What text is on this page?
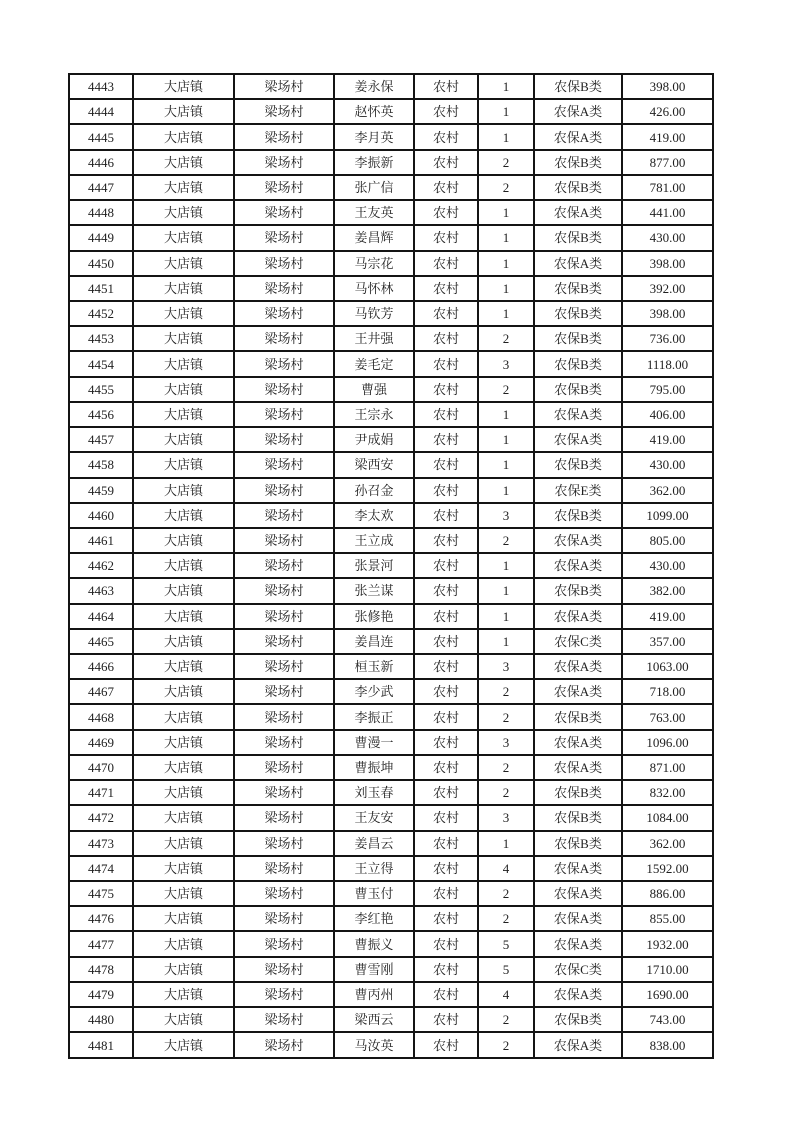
4443	大店镇	梁场村	姜永保	农村	1	农保B类	398.00
4444	大店镇	梁场村	赵怀英	农村	1	农保A类	426.00
4445	大店镇	梁场村	李月英	农村	1	农保A类	419.00
4446	大店镇	梁场村	李振新	农村	2	农保B类	877.00
4447	大店镇	梁场村	张广信	农村	2	农保B类	781.00
4448	大店镇	梁场村	王友英	农村	1	农保A类	441.00
4449	大店镇	梁场村	姜昌辉	农村	1	农保B类	430.00
4450	大店镇	梁场村	马宗花	农村	1	农保A类	398.00
4451	大店镇	梁场村	马怀林	农村	1	农保B类	392.00
4452	大店镇	梁场村	马钦芳	农村	1	农保B类	398.00
4453	大店镇	梁场村	王井强	农村	2	农保B类	736.00
4454	大店镇	梁场村	姜毛定	农村	3	农保B类	1118.00
4455	大店镇	梁场村	曹强	农村	2	农保B类	795.00
4456	大店镇	梁场村	王宗永	农村	1	农保A类	406.00
4457	大店镇	梁场村	尹成娟	农村	1	农保A类	419.00
4458	大店镇	梁场村	梁西安	农村	1	农保B类	430.00
4459	大店镇	梁场村	孙召金	农村	1	农保E类	362.00
4460	大店镇	梁场村	李太欢	农村	3	农保B类	1099.00
4461	大店镇	梁场村	王立成	农村	2	农保A类	805.00
4462	大店镇	梁场村	张景河	农村	1	农保A类	430.00
4463	大店镇	梁场村	张兰谋	农村	1	农保B类	382.00
4464	大店镇	梁场村	张修艳	农村	1	农保A类	419.00
4465	大店镇	梁场村	姜昌连	农村	1	农保C类	357.00
4466	大店镇	梁场村	桓玉新	农村	3	农保A类	1063.00
4467	大店镇	梁场村	李少武	农村	2	农保A类	718.00
4468	大店镇	梁场村	李振正	农村	2	农保B类	763.00
4469	大店镇	梁场村	曹漫一	农村	3	农保A类	1096.00
4470	大店镇	梁场村	曹振坤	农村	2	农保A类	871.00
4471	大店镇	梁场村	刘玉春	农村	2	农保B类	832.00
4472	大店镇	梁场村	王友安	农村	3	农保B类	1084.00
4473	大店镇	梁场村	姜昌云	农村	1	农保B类	362.00
4474	大店镇	梁场村	王立得	农村	4	农保A类	1592.00
4475	大店镇	梁场村	曹玉付	农村	2	农保A类	886.00
4476	大店镇	梁场村	李红艳	农村	2	农保A类	855.00
4477	大店镇	梁场村	曹振义	农村	5	农保A类	1932.00
4478	大店镇	梁场村	曹雪刚	农村	5	农保C类	1710.00
4479	大店镇	梁场村	曹丙州	农村	4	农保A类	1690.00
4480	大店镇	梁场村	梁西云	农村	2	农保B类	743.00
4481	大店镇	梁场村	马汝英	农村	2	农保A类	838.00
